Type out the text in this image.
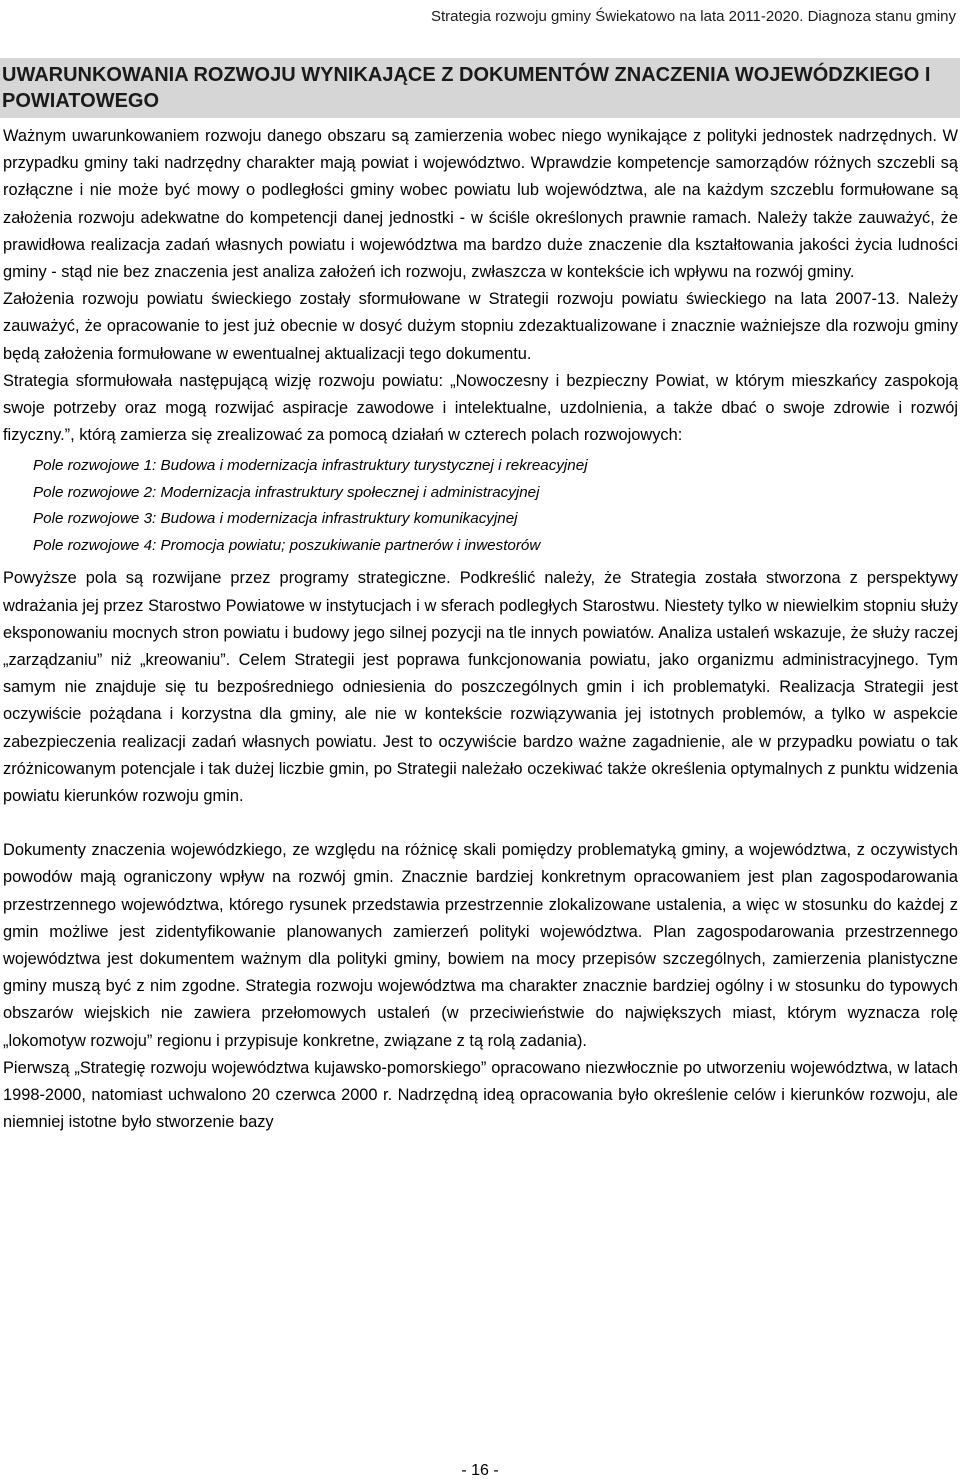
Strategia rozwoju gminy Świekatowo na lata 2011-2020. Diagnoza stanu gminy
UWARUNKOWANIA ROZWOJU WYNIKAJĄCE Z DOKUMENTÓW ZNACZENIA WOJEWÓDZKIEGO I POWIATOWEGO

Ważnym uwarunkowaniem rozwoju danego obszaru są zamierzenia wobec niego wynikające z polityki jednostek nadrzędnych. W przypadku gminy taki nadrzędny charakter mają powiat i województwo. Wprawdzie kompetencje samorządów różnych szczebli są rozłączne i nie może być mowy o podległości gminy wobec powiatu lub województwa, ale na każdym szczeblu formułowane są założenia rozwoju adekwatne do kompetencji danej jednostki - w ściśle określonych prawnie ramach. Należy także zauważyć, że prawidłowa realizacja zadań własnych powiatu i województwa ma bardzo duże znaczenie dla kształtowania jakości życia ludności gminy - stąd nie bez znaczenia jest analiza założeń ich rozwoju, zwłaszcza w kontekście ich wpływu na rozwój gminy.

Założenia rozwoju powiatu świeckiego zostały sformułowane w Strategii rozwoju powiatu świeckiego na lata 2007-13. Należy zauważyć, że opracowanie to jest już obecnie w dosyć dużym stopniu zdezaktualizowane i znacznie ważniejsze dla rozwoju gminy będą założenia formułowane w ewentualnej aktualizacji tego dokumentu.

Strategia sformułowała następującą wizję rozwoju powiatu: „Nowoczesny i bezpieczny Powiat, w którym mieszkańcy zaspokoją swoje potrzeby oraz mogą rozwijać aspiracje zawodowe i intelektualne, uzdolnienia, a także dbać o swoje zdrowie i rozwój fizyczny.”, którą zamierza się zrealizować za pomocą działań w czterech polach rozwojowych:

Pole rozwojowe 1: Budowa i modernizacja infrastruktury turystycznej i rekreacyjnej
Pole rozwojowe 2: Modernizacja infrastruktury społecznej i administracyjnej
Pole rozwojowe 3: Budowa i modernizacja infrastruktury komunikacyjnej
Pole rozwojowe 4: Promocja powiatu; poszukiwanie partnerów i inwestorów

Powyższe pola są rozwijane przez programy strategiczne. Podkreślić należy, że Strategia została stworzona z perspektywy wdrażania jej przez Starostwo Powiatowe w instytucjach i w sferach podległych Starostwu. Niestety tylko w niewielkim stopniu służy eksponowaniu mocnych stron powiatu i budowy jego silnej pozycji na tle innych powiatów. Analiza ustaleń wskazuje, że służy raczej „zarządzaniu” niż „kreowaniu”. Celem Strategii jest poprawa funkcjonowania powiatu, jako organizmu administracyjnego. Tym samym nie znajduje się tu bezpośredniego odniesienia do poszczególnych gmin i ich problematyki. Realizacja Strategii jest oczywiście pożądana i korzystna dla gminy, ale nie w kontekście rozwiązywania jej istotnych problemów, a tylko w aspekcie zabezpieczenia realizacji zadań własnych powiatu. Jest to oczywiście bardzo ważne zagadnienie, ale w przypadku powiatu o tak zróżnicowanym potencjale i tak dużej liczbie gmin, po Strategii należało oczekiwać także określenia optymalnych z punktu widzenia powiatu kierunków rozwoju gmin.

Dokumenty znaczenia wojewódzkiego, ze względu na różnicę skali pomiędzy problematyką gminy, a województwa, z oczywistych powodów mają ograniczony wpływ na rozwój gmin. Znacznie bardziej konkretnym opracowaniem jest plan zagospodarowania przestrzennego województwa, którego rysunek przedstawia przestrzennie zlokalizowane ustalenia, a więc w stosunku do każdej z gmin możliwe jest zidentyfikowanie planowanych zamierzeń polityki województwa. Plan zagospodarowania przestrzennego województwa jest dokumentem ważnym dla polityki gminy, bowiem na mocy przepisów szczególnych, zamierzenia planistyczne gminy muszą być z nim zgodne. Strategia rozwoju województwa ma charakter znacznie bardziej ogólny i w stosunku do typowych obszarów wiejskich nie zawiera przełomowych ustaleń (w przeciwieństwie do największych miast, którym wyznacza rolę „lokomotyw rozwoju” regionu i przypisuje konkretne, związane z tą rolą zadania).

Pierwszą „Strategię rozwoju województwa kujawsko-pomorskiego” opracowano niezwłocznie po utworzeniu województwa, w latach 1998-2000, natomiast uchwalono 20 czerwca 2000 r. Nadrzędną ideą opracowania było określenie celów i kierunków rozwoju, ale niemniej istotne było stworzenie bazy

- 16 -
